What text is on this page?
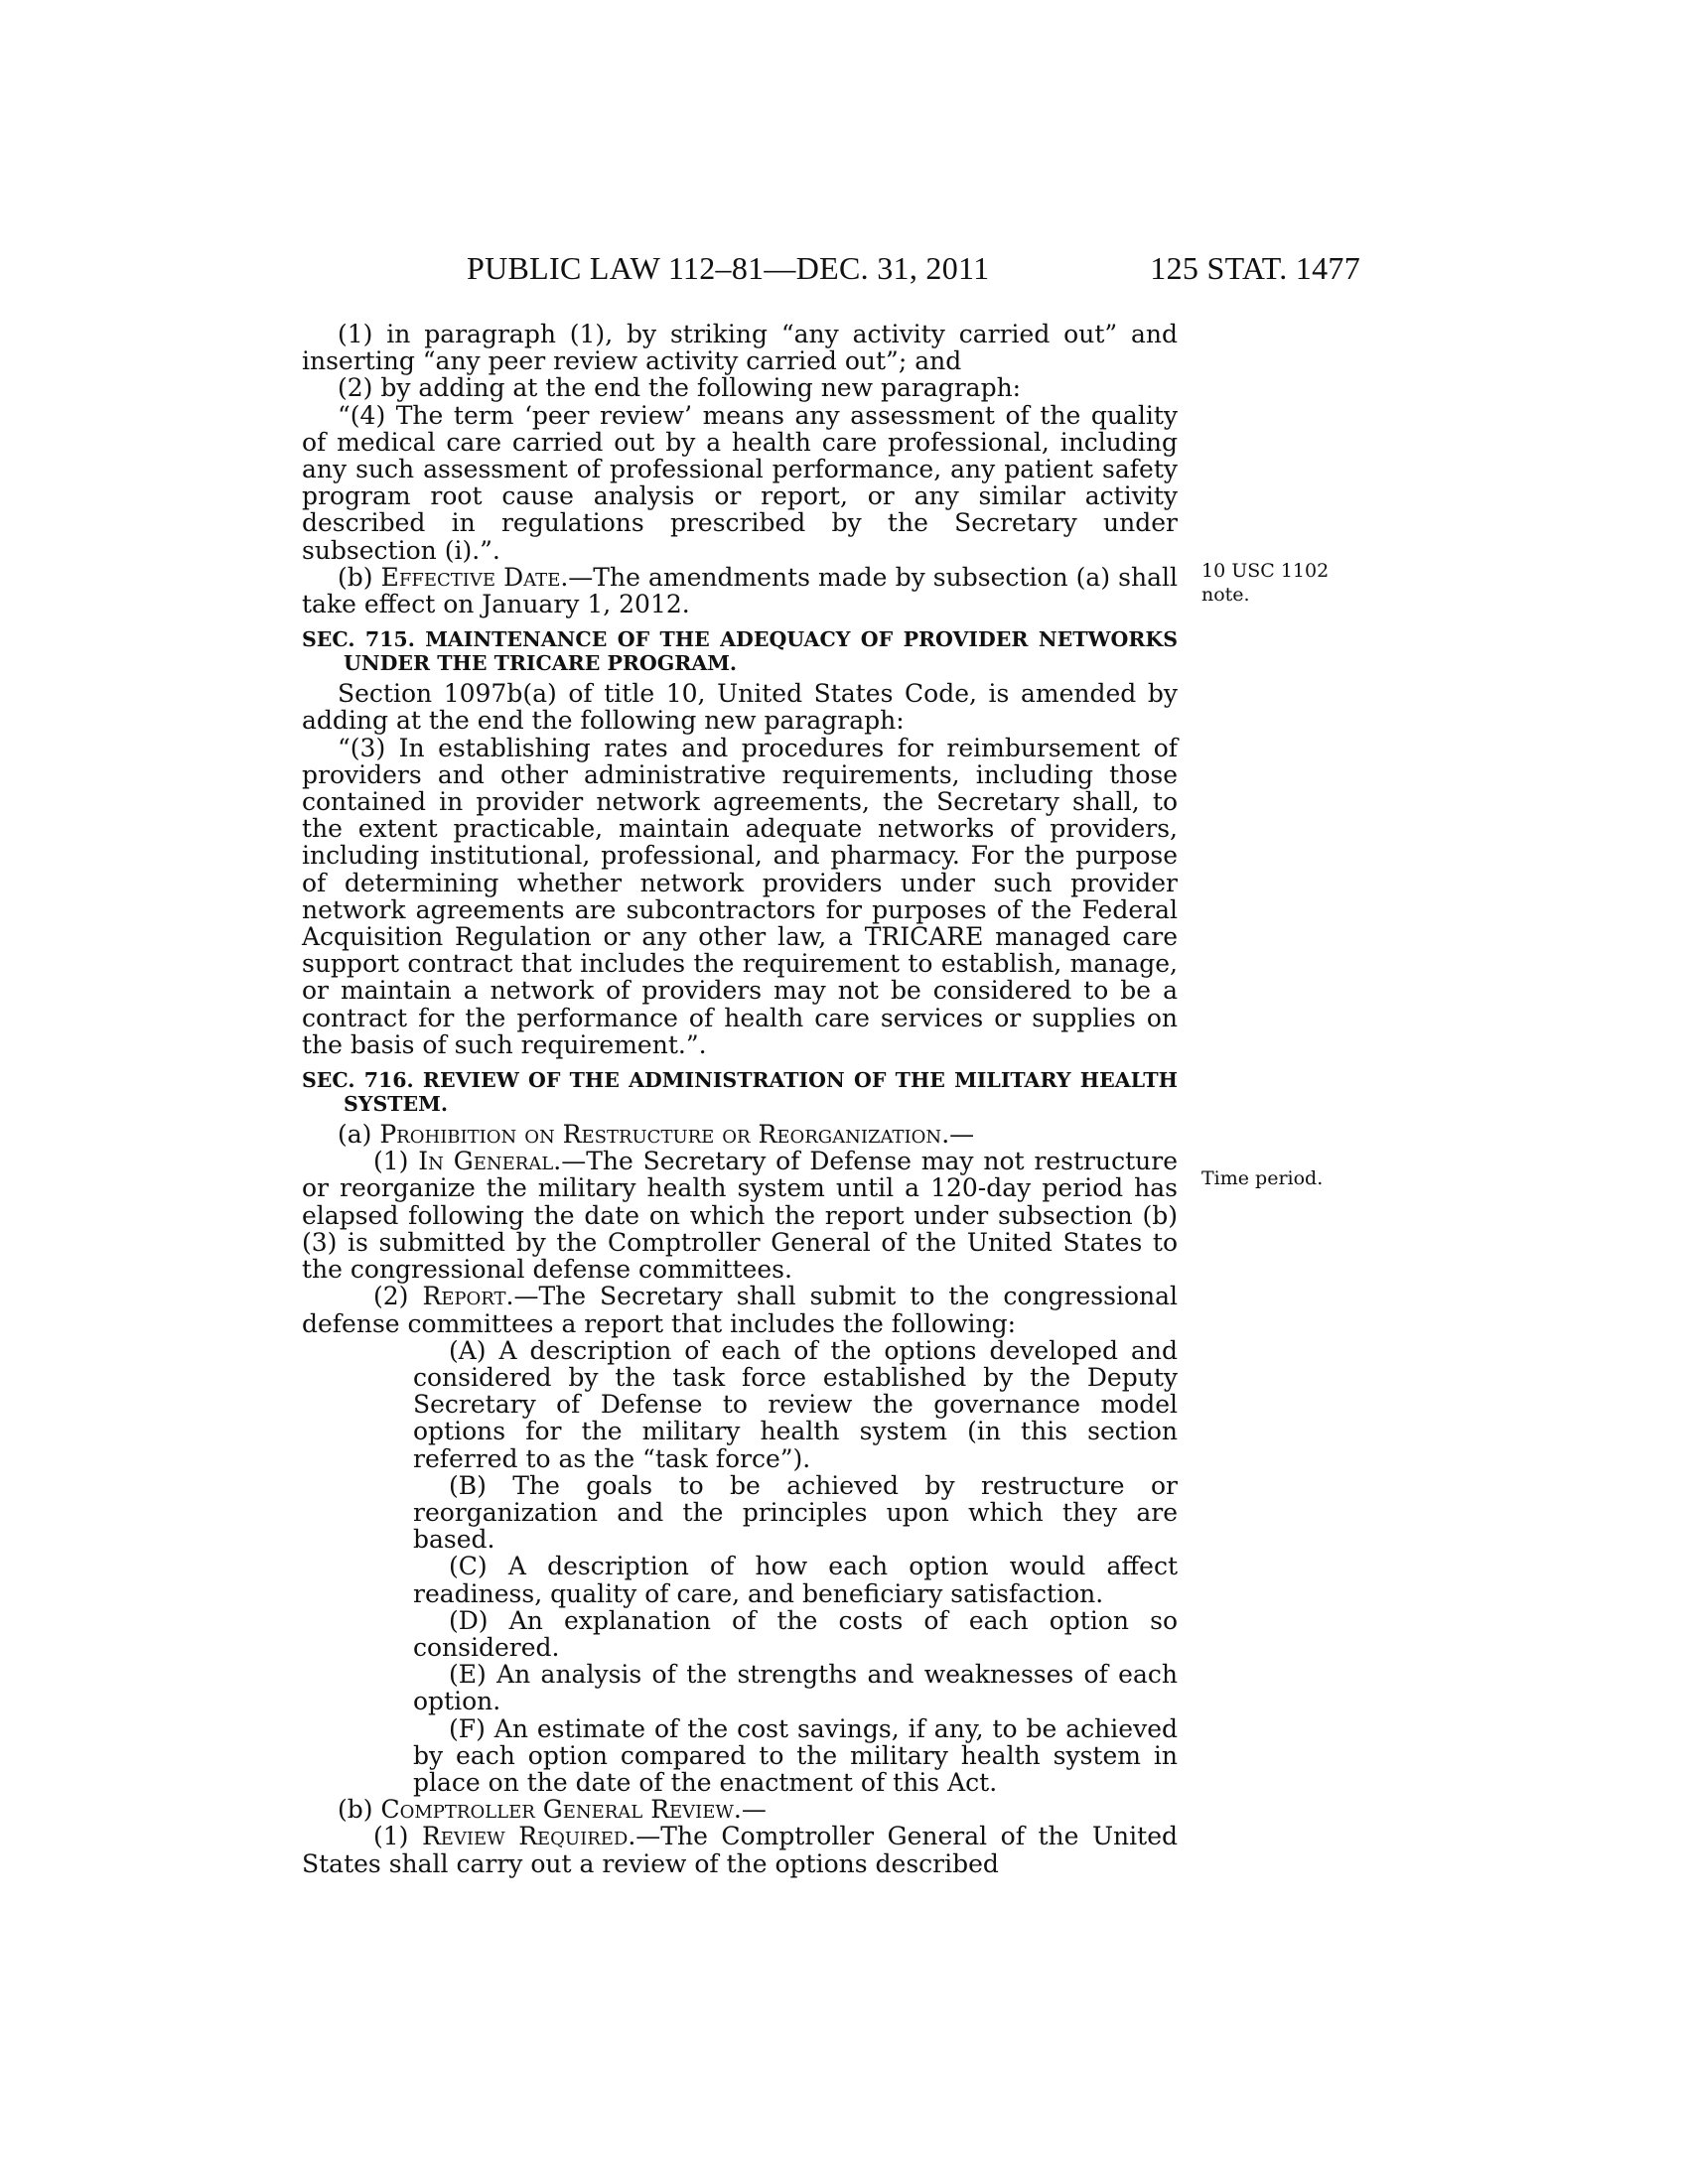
PUBLIC LAW 112–81—DEC. 31, 2011	125 STAT. 1477
10 USC 1102
note.
Time period.

(1) in paragraph (1), by striking “any activity carried out” and inserting “any peer review activity carried out”; and

(2) by adding at the end the following new paragraph:

“(4) The term ‘peer review’ means any assessment of the quality of medical care carried out by a health care professional, including any such assessment of professional performance, any patient safety program root cause analysis or report, or any similar activity described in regulations prescribed by the Secretary under subsection (i).”.

(b) Effective Date.—The amendments made by subsection (a) shall take effect on January 1, 2012.

SEC. 715. MAINTENANCE OF THE ADEQUACY OF PROVIDER NETWORKS UNDER THE TRICARE PROGRAM.

Section 1097b(a) of title 10, United States Code, is amended by adding at the end the following new paragraph:

“(3) In establishing rates and procedures for reimbursement of providers and other administrative requirements, including those contained in provider network agreements, the Secretary shall, to the extent practicable, maintain adequate networks of providers, including institutional, professional, and pharmacy. For the purpose of determining whether network providers under such provider network agreements are subcontractors for purposes of the Federal Acquisition Regulation or any other law, a TRICARE managed care support contract that includes the requirement to establish, manage, or maintain a network of providers may not be considered to be a contract for the performance of health care services or supplies on the basis of such requirement.”.

SEC. 716. REVIEW OF THE ADMINISTRATION OF THE MILITARY HEALTH SYSTEM.

(a) Prohibition on Restructure or Reorganization.—

(1) In General.—The Secretary of Defense may not restructure or reorganize the military health system until a 120-day period has elapsed following the date on which the report under subsection (b)(3) is submitted by the Comptroller General of the United States to the congressional defense committees.

(2) Report.—The Secretary shall submit to the congressional defense committees a report that includes the following:

(A) A description of each of the options developed and considered by the task force established by the Deputy Secretary of Defense to review the governance model options for the military health system (in this section referred to as the “task force”).

(B) The goals to be achieved by restructure or reorganization and the principles upon which they are based.

(C) A description of how each option would affect readiness, quality of care, and beneficiary satisfaction.

(D) An explanation of the costs of each option so considered.

(E) An analysis of the strengths and weaknesses of each option.

(F) An estimate of the cost savings, if any, to be achieved by each option compared to the military health system in place on the date of the enactment of this Act.

(b) Comptroller General Review.—

(1) Review Required.—The Comptroller General of the United States shall carry out a review of the options described
